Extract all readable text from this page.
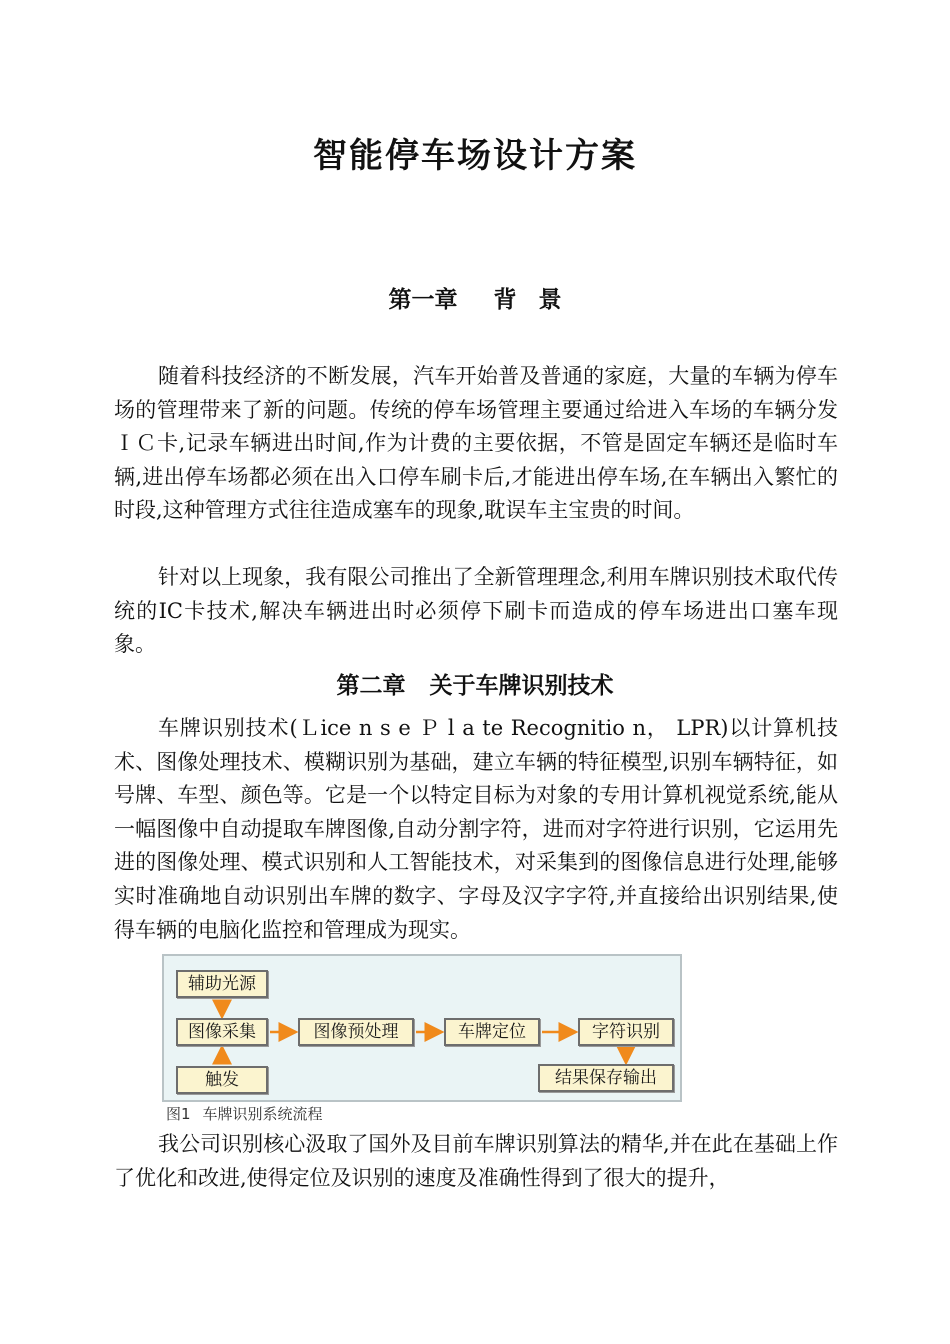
智能停车场设计方案
第一章 背景

随着科技经济的不断发展，汽车开始普及普通的家庭，大量的车辆为停车场的管理带来了新的问题。传统的停车场管理主要通过给进入车场的车辆分发ＩＣ卡,记录车辆进出时间,作为计费的主要依据，不管是固定车辆还是临时车辆,进出停车场都必须在出入口停车刷卡后,才能进出停车场,在车辆出入繁忙的时段,这种管理方式往往造成塞车的现象,耽误车主宝贵的时间。

针对以上现象，我有限公司推出了全新管理理念,利用车牌识别技术取代传统的IC卡技术,解决车辆进出时必须停下刷卡而造成的停车场进出口塞车现象。

第二章 关于车牌识别技术

车牌识别技术(Ｌice n s e Ｐ l a te Recognitio n， LPR)以计算机技术、图像处理技术、模糊识别为基础，建立车辆的特征模型,识别车辆特征，如号牌、车型、颜色等。它是一个以特定目标为对象的专用计算机视觉系统,能从一幅图像中自动提取车牌图像,自动分割字符，进而对字符进行识别，它运用先进的图像处理、模式识别和人工智能技术，对采集到的图像信息进行处理,能够实时准确地自动识别出车牌的数字、字母及汉字字符,并直接给出识别结果,使得车辆的电脑化监控和管理成为现实。

辅助光源
图像采集
触发
图像预处理	车牌定位	字符识别
结果保存输出
图1 车牌识别系统流程

我公司识别核心汲取了国外及目前车牌识别算法的精华,并在此在基础上作了优化和改进,使得定位及识别的速度及准确性得到了很大的提升，
